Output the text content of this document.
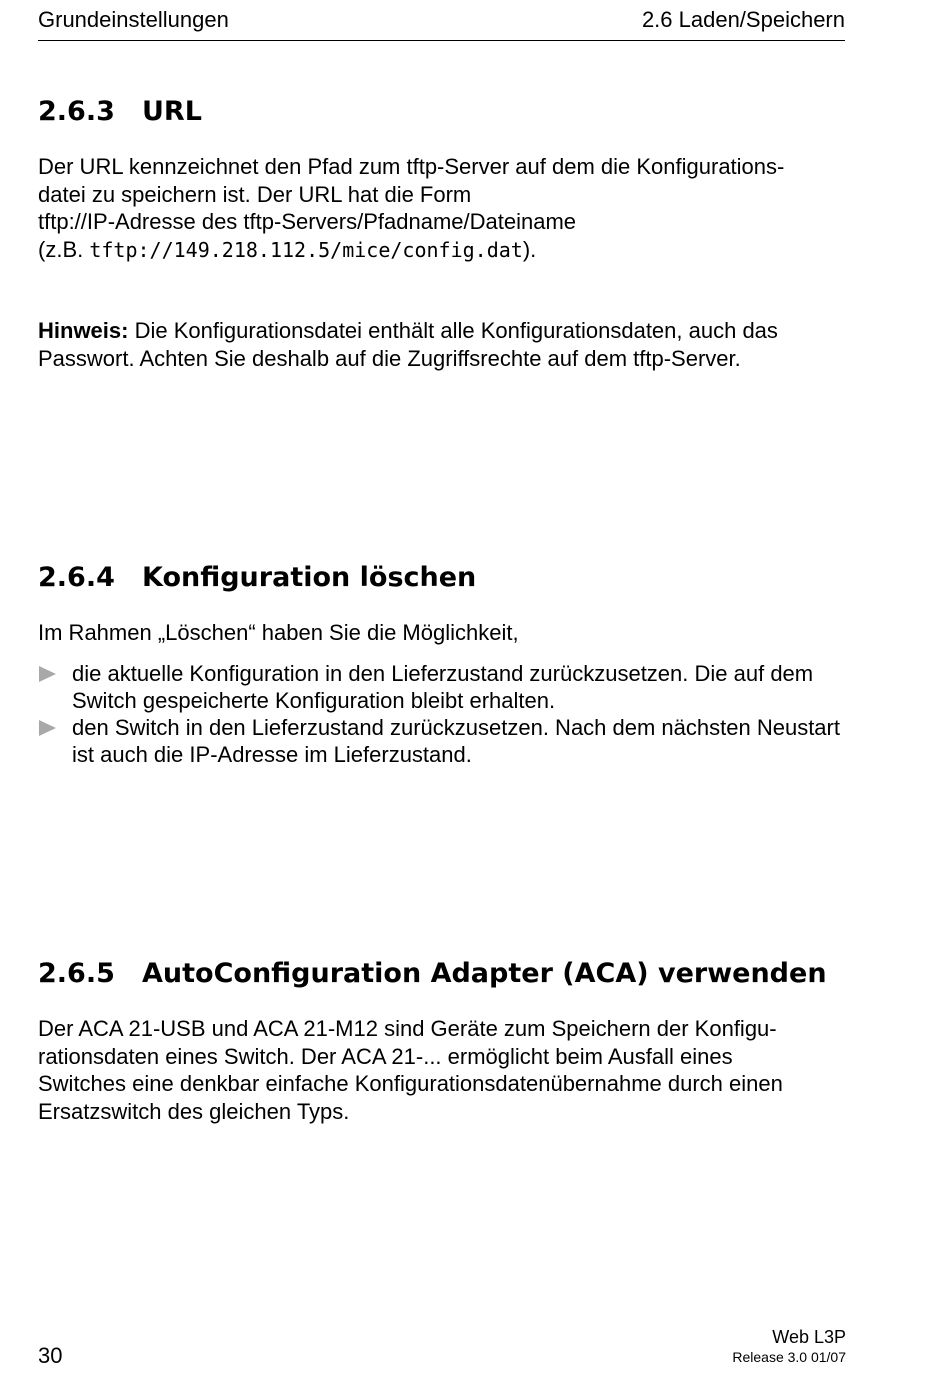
Grundeinstellungen	2.6 Laden/Speichern
2.6.3 URL

Der URL kennzeichnet den Pfad zum tftp-Server auf dem die Konfigurations-

datei zu speichern ist. Der URL hat die Form

tftp://IP-Adresse des tftp-Servers/Pfadname/Dateiname

(z.B. tftp://149.218.112.5/mice/config.dat).

Hinweis: Die Konfigurationsdatei enthält alle Konfigurationsdaten, auch das Passwort. Achten Sie deshalb auf die Zugriffsrechte auf dem tftp-Server.

2.6.4 Konfiguration löschen

Im Rahmen „Löschen“ haben Sie die Möglichkeit,

die aktuelle Konfiguration in den Lieferzustand zurückzusetzen. Die auf dem Switch gespeicherte Konfiguration bleibt erhalten.
den Switch in den Lieferzustand zurückzusetzen. Nach dem nächsten Neustart ist auch die IP-Adresse im Lieferzustand.
2.6.5 AutoConfiguration Adapter (ACA) verwenden

Der ACA 21-USB und ACA 21-M12 sind Geräte zum Speichern der Konfigu-

rationsdaten eines Switch. Der ACA 21-... ermöglicht beim Ausfall eines

Switches eine denkbar einfache Konfigurationsdatenübernahme durch einen

Ersatzswitch des gleichen Typs.

30
Web L3P
Release 3.0 01/07
